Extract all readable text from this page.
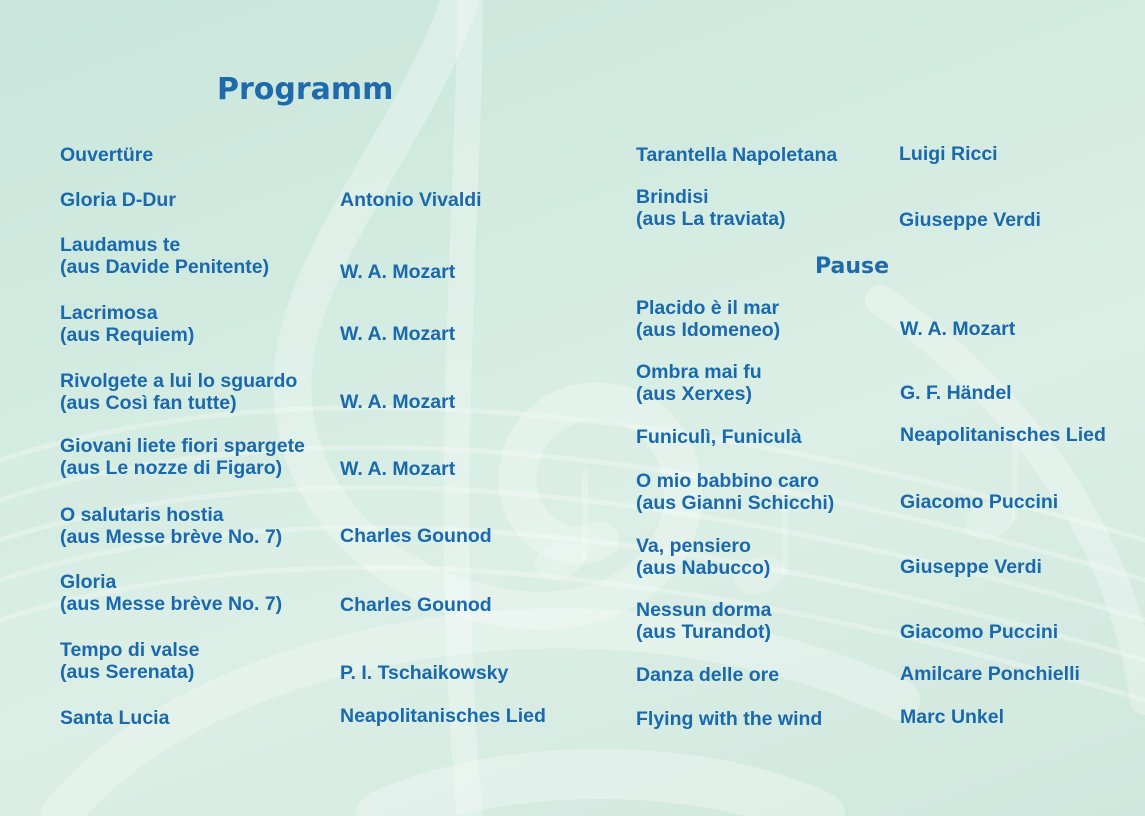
Programm
Pause
Ouvertüre
Gloria D-Dur	Antonio Vivaldi
Laudamus te
(aus Davide Penitente)	W. A. Mozart
Lacrimosa
(aus Requiem)	W. A. Mozart
Rivolgete a lui lo sguardo
(aus Così fan tutte)	W. A. Mozart
Giovani liete fiori spargete
(aus Le nozze di Figaro)	W. A. Mozart
O salutaris hostia
(aus Messe brève No. 7)	Charles Gounod
Gloria
(aus Messe brève No. 7)	Charles Gounod
Tempo di valse
(aus Serenata)	P. I. Tschaikowsky
Santa Lucia	Neapolitanisches Lied
Tarantella Napoletana	Luigi Ricci
Brindisi
(aus La traviata)	Giuseppe Verdi
Placido è il mar
(aus Idomeneo)	W. A. Mozart
Ombra mai fu
(aus Xerxes)	G. F. Händel
Funiculì, Funiculà	Neapolitanisches Lied
O mio babbino caro
(aus Gianni Schicchi)	Giacomo Puccini
Va, pensiero
(aus Nabucco)	Giuseppe Verdi
Nessun dorma
(aus Turandot)	Giacomo Puccini
Danza delle ore	Amilcare Ponchielli
Flying with the wind	Marc Unkel
